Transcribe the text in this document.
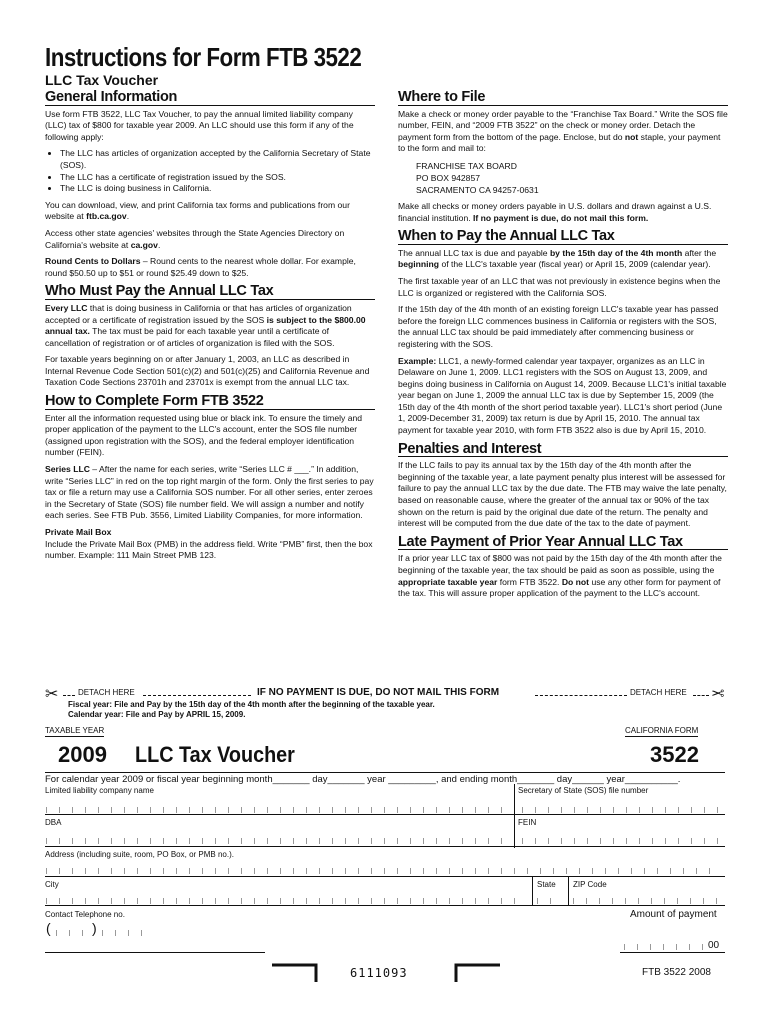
Instructions for Form FTB 3522
LLC Tax Voucher
General Information

Use form FTB 3522, LLC Tax Voucher, to pay the annual limited liability company (LLC) tax of $800 for taxable year 2009. An LLC should use this form if any of the following apply:

• The LLC has articles of organization accepted by the California Secretary of State (SOS).
• The LLC has a certificate of registration issued by the SOS.
• The LLC is doing business in California.

You can download, view, and print California tax forms and publications from our website at ftb.ca.gov.

Access other state agencies' websites through the State Agencies Directory on California's website at ca.gov.

Round Cents to Dollars – Round cents to the nearest whole dollar. For example, round $50.50 up to $51 or round $25.49 down to $25.

Who Must Pay the Annual LLC Tax

Every LLC that is doing business in California or that has articles of organization accepted or a certificate of registration issued by the SOS is subject to the $800.00 annual tax. The tax must be paid for each taxable year until a certificate of cancellation of registration or of articles of organization is filed with the SOS.

For taxable years beginning on or after January 1, 2003, an LLC as described in Internal Revenue Code Section 501(c)(2) and 501(c)(25) and California Revenue and Taxation Code Sections 23701h and 23701x is exempt from the annual LLC tax.

How to Complete Form FTB 3522

Enter all the information requested using blue or black ink. To ensure the timely and proper application of the payment to the LLC's account, enter the SOS file number (assigned upon registration with the SOS), and the federal employer identification number (FEIN).

Series LLC – After the name for each series, write “Series LLC # ___.” In addition, write “Series LLC” in red on the top right margin of the form. Only the first series to pay tax or file a return may use a California SOS number. For all other series, enter zeroes in the Secretary of State (SOS) file number field. We will assign a number and notify each series. See FTB Pub. 3556, Limited Liability Companies, for more information.

Private Mail Box

Include the Private Mail Box (PMB) in the address field. Write “PMB” first, then the box number. Example: 111 Main Street PMB 123.

Where to File

Make a check or money order payable to the “Franchise Tax Board.” Write the SOS file number, FEIN, and “2009 FTB 3522” on the check or money order. Detach the payment form from the bottom of the page. Enclose, but do not staple, your payment to the form and mail to:

FRANCHISE TAX BOARD
PO BOX 942857
SACRAMENTO CA 94257-0631

Make all checks or money orders payable in U.S. dollars and drawn against a U.S. financial institution. If no payment is due, do not mail this form.

When to Pay the Annual LLC Tax

The annual LLC tax is due and payable by the 15th day of the 4th month after the beginning of the LLC's taxable year (fiscal year) or April 15, 2009 (calendar year).

The first taxable year of an LLC that was not previously in existence begins when the LLC is organized or registered with the California SOS.

If the 15th day of the 4th month of an existing foreign LLC's taxable year has passed before the foreign LLC commences business in California or registers with the SOS, the annual LLC tax should be paid immediately after commencing business or registering with the SOS.

Example: LLC1, a newly-formed calendar year taxpayer, organizes as an LLC in Delaware on June 1, 2009. LLC1 registers with the SOS on August 13, 2009, and begins doing business in California on August 14, 2009. Because LLC1's initial taxable year began on June 1, 2009 the annual LLC tax is due by September 15, 2009 (the 15th day of the 4th month of the short period taxable year). LLC1's short period (June 1, 2009-December 31, 2009) tax return is due by April 15, 2010. The annual tax payment for taxable year 2010, with form FTB 3522 also is due by April 15, 2010.

Penalties and Interest

If the LLC fails to pay its annual tax by the 15th day of the 4th month after the beginning of the taxable year, a late payment penalty plus interest will be assessed for failure to pay the annual LLC tax by the due date. The FTB may waive the late penalty, based on reasonable cause, where the greater of the annual tax or 90% of the tax shown on the return is paid by the original due date of the return. The penalty and interest will be computed from the due date of the tax to the date of payment.

Late Payment of Prior Year Annual LLC Tax

If a prior year LLC tax of $800 was not paid by the 15th day of the 4th month after the beginning of the taxable year, the tax should be paid as soon as possible, using the appropriate taxable year form FTB 3522. Do not use any other form for payment of the tax. This will assure proper application of the payment to the LLC's account.

✂ DETACH HERE	IF NO PAYMENT IS DUE, DO NOT MAIL THIS FORM	DETACH HERE ✂
Fiscal year: File and Pay by the 15th day of the 4th month after the beginning of the taxable year.
Calendar year: File and Pay by APRIL 15, 2009.
TAXABLE YEAR	CALIFORNIA FORM
2009 LLC Tax Voucher	3522
For calendar year 2009 or fiscal year beginning month_______ day_______ year _________, and ending month_______ day______ year__________.
Limited liability company name	Secretary of State (SOS) file number
DBA	FEIN
Address (including suite, room, PO Box, or PMB no.).
City	State ZIP Code
Contact Telephone no.
(	)
Amount of payment
00
6111093	FTB 3522 2008
